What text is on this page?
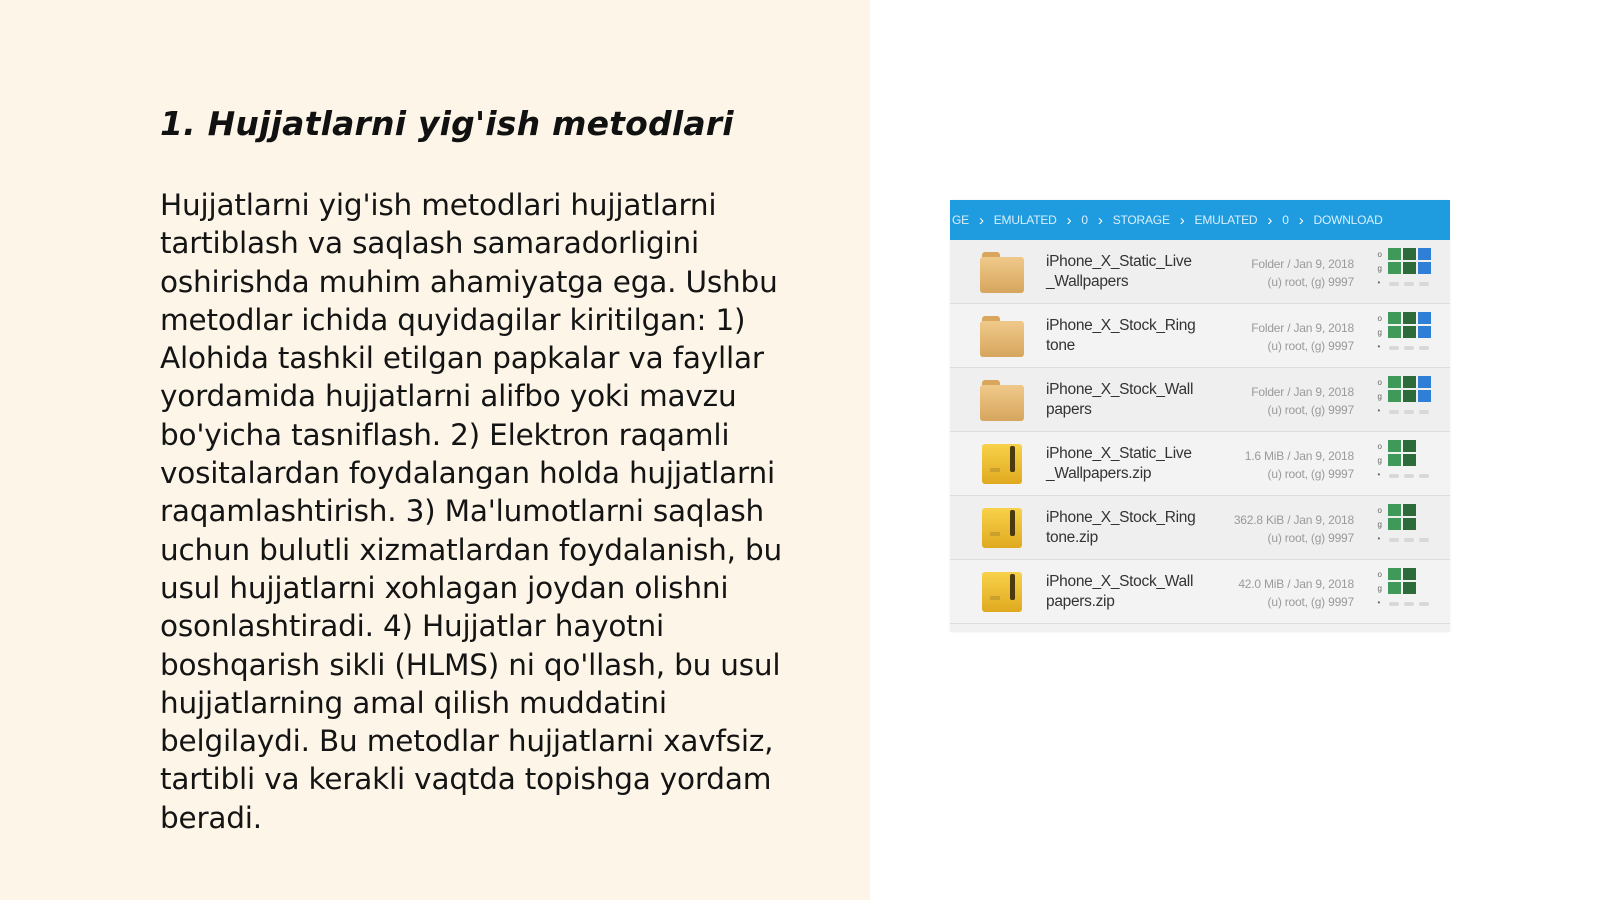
1. Hujjatlarni yig'ish metodlari

Hujjatlarni yig'ish metodlari hujjatlarni tartiblash va saqlash samaradorligini oshirishda muhim ahamiyatga ega. Ushbu metodlar ichida quyidagilar kiritilgan: 1) Alohida tashkil etilgan papkalar va fayllar yordamida hujjatlarni alifbo yoki mavzu bo'yicha tasniflash. 2) Elektron raqamli vositalardan foydalangan holda hujjatlarni raqamlashtirish. 3) Ma'lumotlarni saqlash uchun bulutli xizmatlardan foydalanish, bu usul hujjatlarni xohlagan joydan olishni osonlashtiradi. 4) Hujjatlar hayotni boshqarish sikli (HLMS) ni qo'llash, bu usul hujjatlarning amal qilish muddatini belgilaydi. Bu metodlar hujjatlarni xavfsiz, tartibli va kerakli vaqtda topishga yordam beradi.

GE › EMULATED › 0 › STORAGE › EMULATED › 0 › DOWNLOAD
iPhone_X_Static_Live_Wallpapers
Folder / Jan 9, 2018
(u) root, (g) 9997
o
g
•
iPhone_X_Stock_Ringtone
Folder / Jan 9, 2018
(u) root, (g) 9997
o
g
•
iPhone_X_Stock_Wallpapers
Folder / Jan 9, 2018
(u) root, (g) 9997
o
g
•
iPhone_X_Static_Live_Wallpapers.zip
1.6 MiB / Jan 9, 2018
(u) root, (g) 9997
o
g
•
iPhone_X_Stock_Ringtone.zip
362.8 KiB / Jan 9, 2018
(u) root, (g) 9997
o
g
•
iPhone_X_Stock_Wallpapers.zip
42.0 MiB / Jan 9, 2018
(u) root, (g) 9997
o
g
•
